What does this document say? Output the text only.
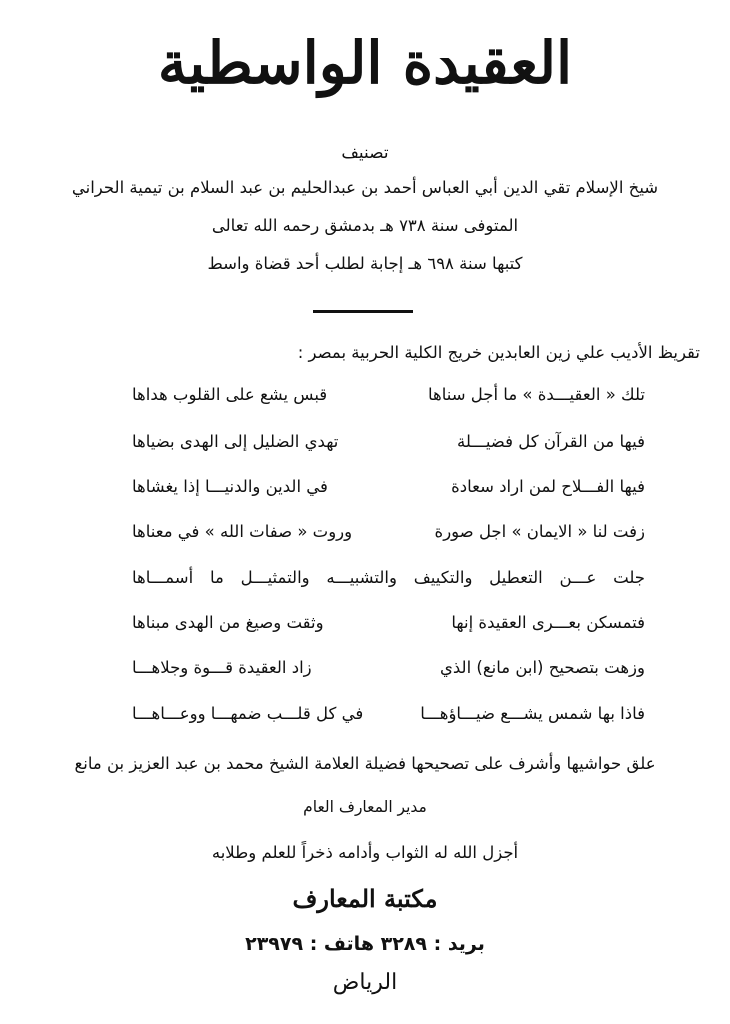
العقيدة الواسطية
تصنيف
شيخ الإسلام تقي الدين أبي العباس أحمد بن عبدالحليم بن عبد السلام بن تيمية الحراني
المتوفى سنة ٧٣٨ هـ بدمشق رحمه الله تعالى
كتبها سنة ٦٩٨ هـ إجابة لطلب أحد قضاة واسط
تقريظ الأديب علي زين العابدين خريج الكلية الحربية بمصر :
تلك « العقيـــدة » ما أجل سناها
قبس يشع على القلوب هداها
فيها من القرآن كل فضيـــلة
تهدي الضليل إلى الهدى بضياها
فيها الفـــلاح لمن اراد سعادة
في الدين والدنيـــا إذا يغشاها
زفت لنا « الايمان » اجل صورة
وروت « صفات الله » في معناها
جلت عـــن التعطيل والتكييف والتشبيـــه والتمثيـــل ما أسمـــاها
فتمسكن بعـــرى العقيدة إنها
وثقت وصيغ من الهدى مبناها
وزهت بتصحيح (ابن مانع) الذي
زاد العقيدة قـــوة وجلاهـــا
فاذا بها شمس يشـــع ضيـــاؤهـــا
في كل قلـــب ضمهـــا ووعـــاهـــا
علق حواشيها وأشرف على تصحيحها فضيلة العلامة الشيخ محمد بن عبد العزيز بن مانع
مدير المعارف العام
أجزل الله له الثواب وأدامه ذخراً للعلم وطلابه
مكتبة المعارف
بريد : ٣٢٨٩ هاتف : ٢٣٩٧٩
الرياض
